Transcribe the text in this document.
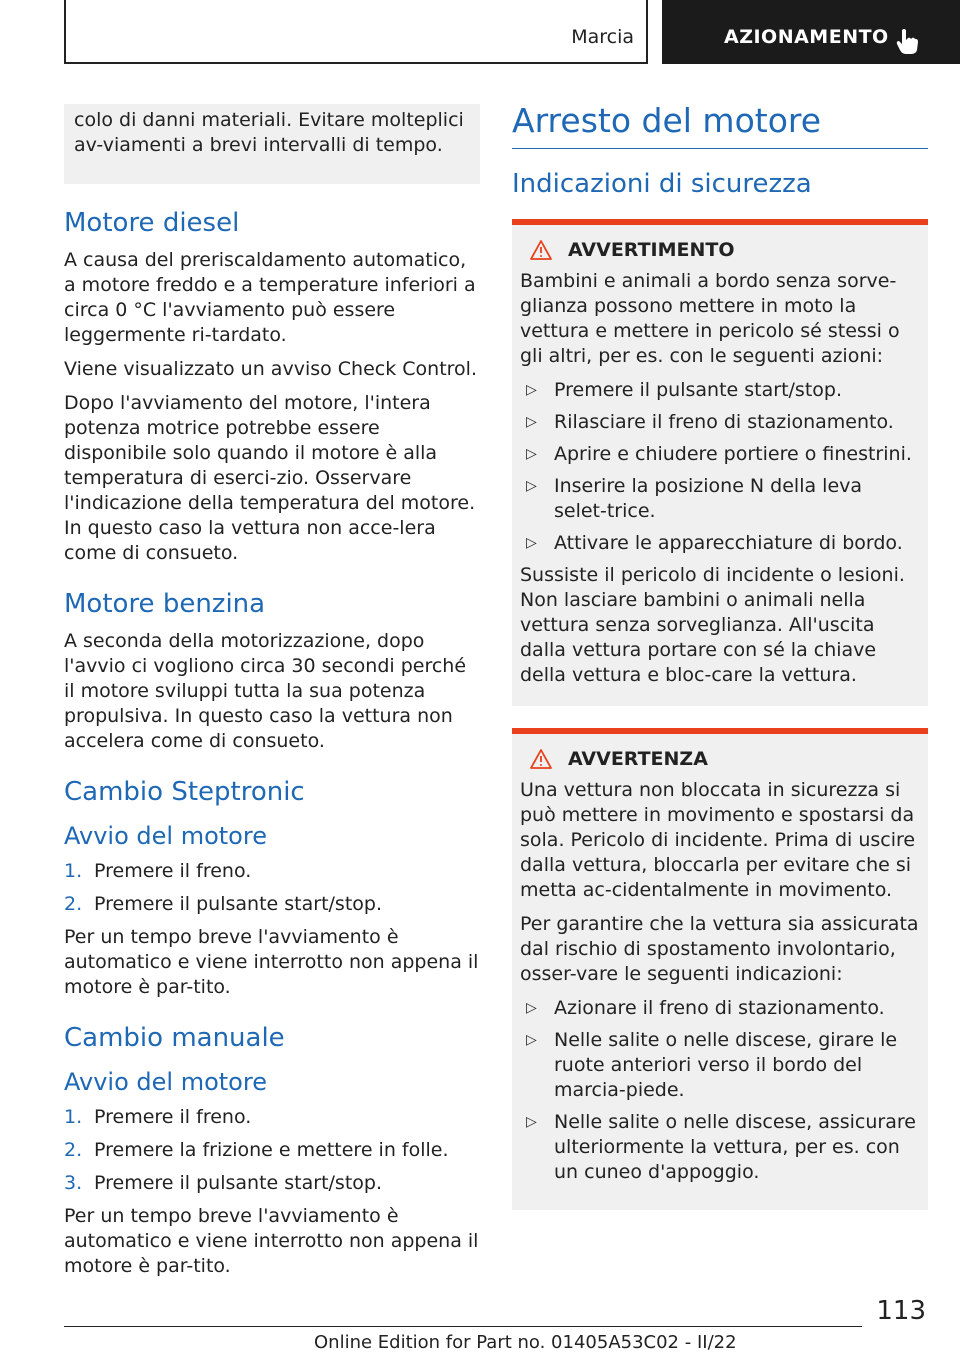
Marcia	AZIONAMENTO

colo di danni materiali. Evitare molteplici av-viamenti a brevi intervalli di tempo.

Motore diesel

A causa del preriscaldamento automatico, a motore freddo e a temperature inferiori a circa 0 °C l'avviamento può essere leggermente ri-tardato.

Viene visualizzato un avviso Check Control.

Dopo l'avviamento del motore, l'intera potenza motrice potrebbe essere disponibile solo quando il motore è alla temperatura di eserci-zio. Osservare l'indicazione della temperatura del motore. In questo caso la vettura non acce-lera come di consueto.

Motore benzina

A seconda della motorizzazione, dopo l'avvio ci vogliono circa 30 secondi perché il motore sviluppi tutta la sua potenza propulsiva. In questo caso la vettura non accelera come di consueto.

Cambio Steptronic
Avvio del motore
1. Premere il freno.
2. Premere il pulsante start/stop.

Per un tempo breve l'avviamento è automatico e viene interrotto non appena il motore è par-tito.

Cambio manuale
Avvio del motore
1. Premere il freno.
2. Premere la frizione e mettere in folle.
3. Premere il pulsante start/stop.

Per un tempo breve l'avviamento è automatico e viene interrotto non appena il motore è par-tito.

Arresto del motore
Indicazioni di sicurezza
AVVERTIMENTO

Bambini e animali a bordo senza sorve-glianza possono mettere in moto la vettura e mettere in pericolo sé stessi o gli altri, per es. con le seguenti azioni:

▷ Premere il pulsante start/stop.
▷ Rilasciare il freno di stazionamento.
▷ Aprire e chiudere portiere o finestrini.
▷ Inserire la posizione N della leva selet-trice.
▷ Attivare le apparecchiature di bordo.

Sussiste il pericolo di incidente o lesioni. Non lasciare bambini o animali nella vettura senza sorveglianza. All'uscita dalla vettura portare con sé la chiave della vettura e bloc-care la vettura.

AVVERTENZA

Una vettura non bloccata in sicurezza si può mettere in movimento e spostarsi da sola. Pericolo di incidente. Prima di uscire dalla vettura, bloccarla per evitare che si metta ac-cidentalmente in movimento.

Per garantire che la vettura sia assicurata dal rischio di spostamento involontario, osser-vare le seguenti indicazioni:

▷ Azionare il freno di stazionamento.
▷ Nelle salite o nelle discese, girare le ruote anteriori verso il bordo del marcia-piede.
▷ Nelle salite o nelle discese, assicurare ulteriormente la vettura, per es. con un cuneo d'appoggio.
113
Online Edition for Part no. 01405A53C02 - II/22
